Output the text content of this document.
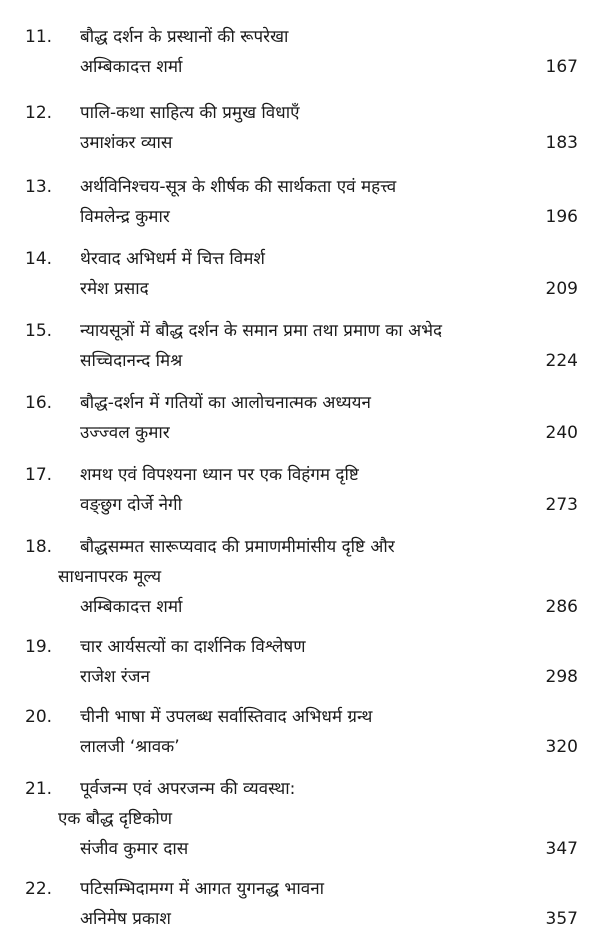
11.	बौद्ध दर्शन के प्रस्थानों की रूपरेखा
अम्बिकादत्त शर्मा	167
12.	पालि-कथा साहित्य की प्रमुख विधाएँ
उमाशंकर व्यास	183
13.	अर्थविनिश्चय-सूत्र के शीर्षक की सार्थकता एवं महत्त्व
विमलेन्द्र कुमार	196
14.	थेरवाद अभिधर्म में चित्त विमर्श
रमेश प्रसाद	209
15.	न्यायसूत्रों में बौद्ध दर्शन के समान प्रमा तथा प्रमाण का अभेद
सच्चिदानन्द मिश्र	224
16.	बौद्ध-दर्शन में गतियों का आलोचनात्मक अध्ययन
उज्ज्वल कुमार	240
17.	शमथ एवं विपश्यना ध्यान पर एक विहंगम दृष्टि
वङ्छुग दोर्जे नेगी	273
18.	बौद्धसम्मत सारूप्यवाद की प्रमाणमीमांसीय दृष्टि और
साधनापरक मूल्य
अम्बिकादत्त शर्मा	286
19.	चार आर्यसत्यों का दार्शनिक विश्लेषण
राजेश रंजन	298
20.	चीनी भाषा में उपलब्ध सर्वास्तिवाद अभिधर्म ग्रन्थ
लालजी ‘श्रावक’	320
21.	पूर्वजन्म एवं अपरजन्म की व्यवस्था:
एक बौद्ध दृष्टिकोण
संजीव कुमार दास	347
22.	पटिसम्भिदामग्ग में आगत युगनद्ध भावना
अनिमेष प्रकाश	357
